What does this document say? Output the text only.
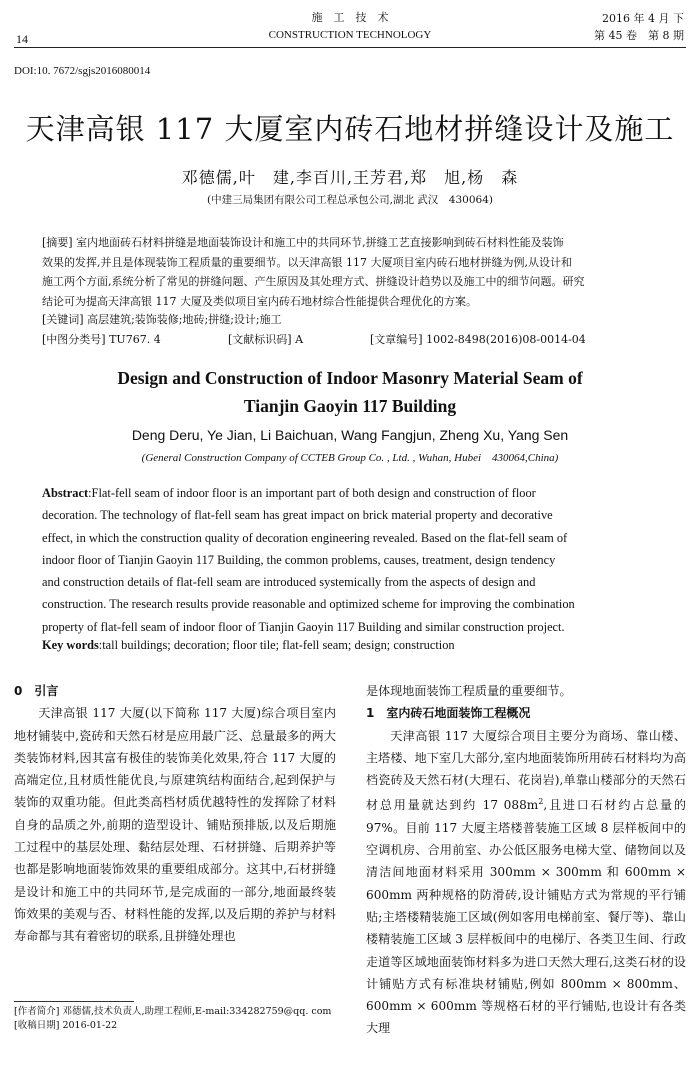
14
施　工　技　术
CONSTRUCTION TECHNOLOGY
2016 年 4 月 下
第 45 卷　第 8 期
DOI:10. 7672/sgjs2016080014
天津高银 117 大厦室内砖石地材拼缝设计及施工
邓德儒,叶　建,李百川,王芳君,郑　旭,杨　森
(中建三局集团有限公司工程总承包公司,湖北 武汉　430064)

[摘要] 室内地面砖石材料拼缝是地面装饰设计和施工中的共同环节,拼缝工艺直接影响到砖石材料性能及装饰

效果的发挥,并且是体现装饰工程质量的重要细节。以天津高银 117 大厦项目室内砖石地材拼缝为例,从设计和

施工两个方面,系统分析了常见的拼缝问题、产生原因及其处理方式、拼缝设计趋势以及施工中的细节问题。研究

结论可为提高天津高银 117 大厦及类似项目室内砖石地材综合性能提供合理优化的方案。

[关键词] 高层建筑;装饰装修;地砖;拼缝;设计;施工
[中图分类号] TU767. 4	[文献标识码] A	[文章编号] 1002-8498(2016)08-0014-04
Design and Construction of Indoor Masonry Material Seam of
Tianjin Gaoyin 117 Building
Deng Deru, Ye Jian, Li Baichuan, Wang Fangjun, Zheng Xu, Yang Sen
(General Construction Company of CCTEB Group Co. , Ltd. , Wuhan, Hubei　430064,China)

Abstract:Flat-fell seam of indoor floor is an important part of both design and construction of floor

decoration. The technology of flat-fell seam has great impact on brick material property and decorative

effect, in which the construction quality of decoration engineering revealed. Based on the flat-fell seam of

indoor floor of Tianjin Gaoyin 117 Building, the common problems, causes, treatment, design tendency

and construction details of flat-fell seam are introduced systemically from the aspects of design and

construction. The research results provide reasonable and optimized scheme for improving the combination

property of flat-fell seam of indoor floor of Tianjin Gaoyin 117 Building and similar construction project.

Key words:tall buildings; decoration; floor tile; flat-fell seam; design; construction
0　引言

天津高银 117 大厦(以下简称 117 大厦)综合项目室内地材铺装中,瓷砖和天然石材是应用最广泛、总量最多的两大类装饰材料,因其富有极佳的装饰美化效果,符合 117 大厦的高端定位,且材质性能优良,与原建筑结构面结合,起到保护与装饰的双重功能。但此类高档材质优越特性的发挥除了材料自身的品质之外,前期的造型设计、铺贴预排版,以及后期施工过程中的基层处理、黏结层处理、石材拼缝、后期养护等也都是影响地面装饰效果的重要组成部分。这其中,石材拼缝是设计和施工中的共同环节,是完成面的一部分,地面最终装饰效果的美观与否、材料性能的发挥,以及后期的养护与材料寿命都与其有着密切的联系,且拼缝处理也

是体现地面装饰工程质量的重要细节。
1　室内砖石地面装饰工程概况

天津高银 117 大厦综合项目主要分为商场、靠山楼、主塔楼、地下室几大部分,室内地面装饰所用砖石材料均为高档瓷砖及天然石材(大理石、花岗岩),单靠山楼部分的天然石材总用量就达到约 17 $088m^2$,且进口石材约占总量的 97%。目前 117 大厦主塔楼普装施工区域 8 层样板间中的空调机房、合用前室、办公低区服务电梯大堂、储物间以及清洁间地面材料采用 300mm × 300mm 和 600mm × 600mm 两种规格的防滑砖,设计铺贴方式为常规的平行铺贴;主塔楼精装施工区域(例如客用电梯前室、餐厅等)、靠山楼精装施工区域 3 层样板间中的电梯厅、各类卫生间、行政走道等区域地面装饰材料多为进口天然大理石,这类石材的设计铺贴方式有标准块材铺贴,例如 800mm × 800mm、600mm × 600mm 等规格石材的平行铺贴,也设计有各类大理

[作者简介] 邓德儒,技术负责人,助理工程师,E-mail:334282759@qq. com
[收稿日期] 2016-01-22
